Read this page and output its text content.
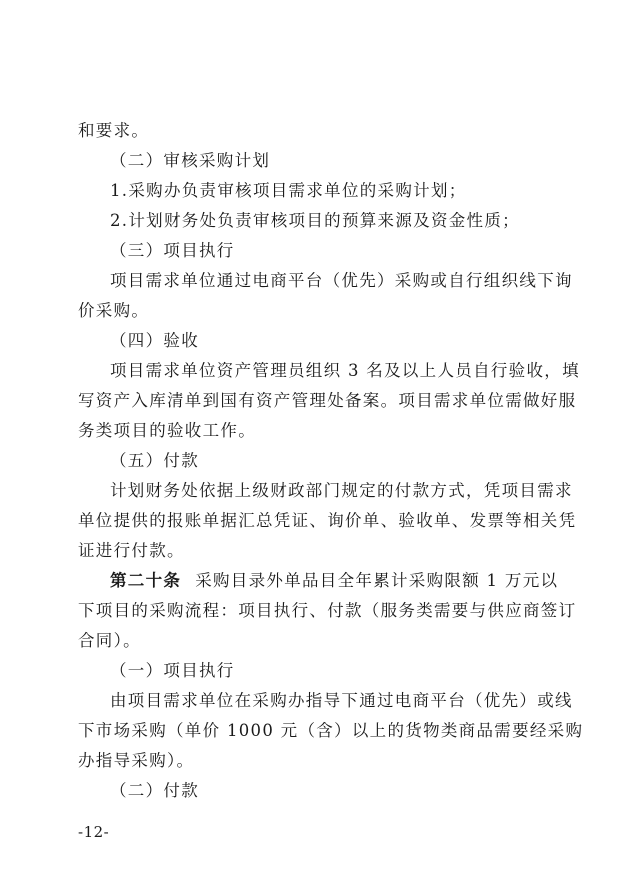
和要求。
（二）审核采购计划
1.采购办负责审核项目需求单位的采购计划；
2.计划财务处负责审核项目的预算来源及资金性质；
（三）项目执行
项目需求单位通过电商平台（优先）采购或自行组织线下询
价采购。
（四）验收
项目需求单位资产管理员组织 3 名及以上人员自行验收，填
写资产入库清单到国有资产管理处备案。项目需求单位需做好服
务类项目的验收工作。
（五）付款
计划财务处依据上级财政部门规定的付款方式，凭项目需求
单位提供的报账单据汇总凭证、询价单、验收单、发票等相关凭
证进行付款。
第二十条 采购目录外单品目全年累计采购限额 1 万元以
下项目的采购流程：项目执行、付款（服务类需要与供应商签订
合同）。
（一）项目执行
由项目需求单位在采购办指导下通过电商平台（优先）或线
下市场采购（单价 1000 元（含）以上的货物类商品需要经采购
办指导采购）。
（二）付款
-12-
